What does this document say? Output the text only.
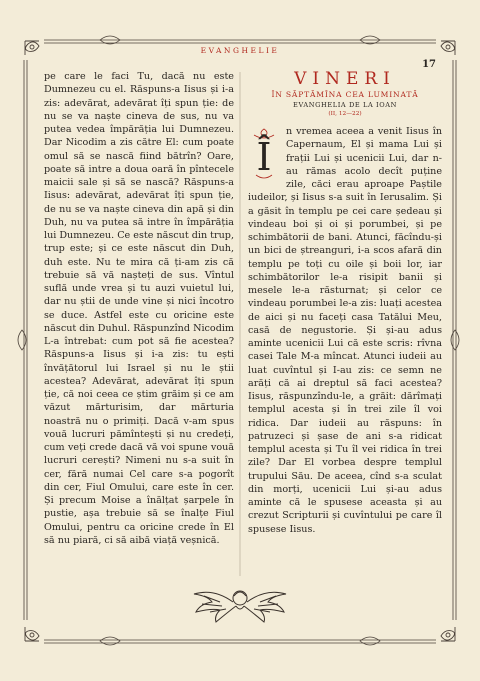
EVANGHELIE
17

pe care le faci Tu, dacă nu este Dumnezeu cu el. Răspuns-a Iisus și i-a zis: adevărat, adevărat îți spun ție: de nu se va naște cineva de sus, nu va putea vedea împărăția lui Dumnezeu. Dar Nicodim a zis către El: cum poate omul să se nască fiind bătrîn? Oare, poate să intre a doua oară în pîntecele maicii sale și să se nască? Răspuns-a Iisus: adevărat, adevărat îți spun ție, de nu se va naște cineva din apă și din Duh, nu va putea să intre în împărăția lui Dumnezeu. Ce este născut din trup, trup este; și ce este născut din Duh, duh este. Nu te mira că ți-am zis că trebuie să vă nașteți de sus. Vîntul suflă unde vrea și tu auzi vuietul lui, dar nu știi de unde vine și nici încotro se duce. Astfel este cu oricine este născut din Duhul. Răspunzînd Nicodim L-a întrebat: cum pot să fie acestea? Răspuns-a Iisus și i-a zis: tu ești învățătorul lui Israel și nu le știi acestea? Adevărat, adevărat îți spun ție, că noi ceea ce știm grăim și ce am văzut mărturisim, dar mărturia noastră nu o primiți. Dacă v-am spus vouă lucruri pămîntești și nu credeți, cum veți crede dacă vă voi spune vouă lucruri cerești? Nimeni nu s-a suit în cer, fără numai Cel care s-a pogorît din cer, Fiul Omului, care este în cer. Și precum Moise a înălțat șarpele în pustie, așa trebuie să se înalțe Fiul Omului, pentru ca oricine crede în El să nu piară, ci să aibă viață veșnică.

VINERI
ÎN SĂPTĂMÎNA CEA LUMINATĂ
EVANGHELIA DE LA IOAN
(II, 12—22)
Î

n vremea aceea a venit Iisus în Capernaum, El și mama Lui și frații Lui și ucenicii Lui, dar n-au rămas acolo decît puține zile, căci erau aproape Paștile iudeilor, și Iisus s-a suit în Ierusalim. Și a găsit în templu pe cei care ședeau și vindeau boi și oi și porumbei, și pe schimbătorii de bani. Atunci, făcîndu-și un bici de ștreanguri, i-a scos afară din templu pe toți cu oile și boii lor, iar schimbătorilor le-a risipit banii și mesele le-a răsturnat; și celor ce vindeau porumbei le-a zis: luați acestea de aici și nu faceți casa Tatălui Meu, casă de negustorie. Și și-au adus aminte ucenicii Lui că este scris: rîvna casei Tale M-a mîncat. Atunci iudeii au luat cuvîntul și I-au zis: ce semn ne arăți că ai dreptul să faci acestea? Iisus, răspunzîndu-le, a grăit: dărîmați templul acesta și în trei zile îl voi ridica. Dar iudeii au răspuns: în patruzeci și șase de ani s-a ridicat templul acesta și Tu îl vei ridica în trei zile? Dar El vorbea despre templul trupului Său. De aceea, cînd s-a sculat din morți, ucenicii Lui și-au adus aminte că le spusese aceasta și au crezut Scripturii și cuvîntului pe care îl spusese Iisus.
